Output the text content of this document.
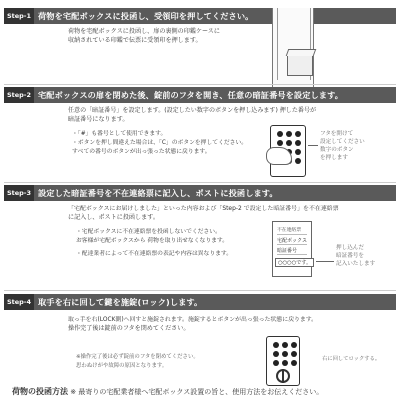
Step-1 荷物を宅配ボックスに投函し、受領印を押してください。
荷物を宅配ボックスに投函し、扉の裏側の印鑑ケースに
収納されている印鑑で伝票に受領印を押します。
Step-2 宅配ボックスの扉を閉めた後、錠前のフタを開き、任意の暗証番号を設定します。
任意の「暗証番号」を設定します。(設定したい数字のボタンを押し込みます) 押した番号が
暗証番号になります。
・「#」も番号として使用できます。
・ボタンを押し間違えた場合は、「C」のボタンを押してください。
すべての番号のボタンが出っ張った状態に戻ります。
フタを開けて
設定してください
数字のボタン
を押します
Step-3 設定した暗証番号を不在連絡票に記入し、ポストに投函します。
「宅配ボックスにお届けしました」といった内容および「Step-2 で設定した暗証番号」を不在連絡票
に記入し、ポストに投函します。
・宅配ボックスに不在連絡票を投函しないでください。
お客様が宅配ボックスから 荷物を取り出せなくなります。
・配達業者によって不在連絡票の表記や内容は異なります。
不在連絡票
宅配ボックス
暗証番号
○○○○です。
押し込んだ
暗証番号を
記入いたします
Step-4 取手を右に回して鍵を施錠(ロック)します。
取っ手を右(LOCK側)へ回すと施錠されます。施錠するとボタンが出っ張った状態に戻ります。
操作完了後は錠前のフタを閉めてください。
※操作完了後は必ず錠前のフタを閉めてください。
思わぬけがや故障の原因となります。
右に回してロックする。
荷物の投函方法 ※ 最寄りの宅配業者様へ宅配ボックス設置の旨と、使用方法をお伝えください。
